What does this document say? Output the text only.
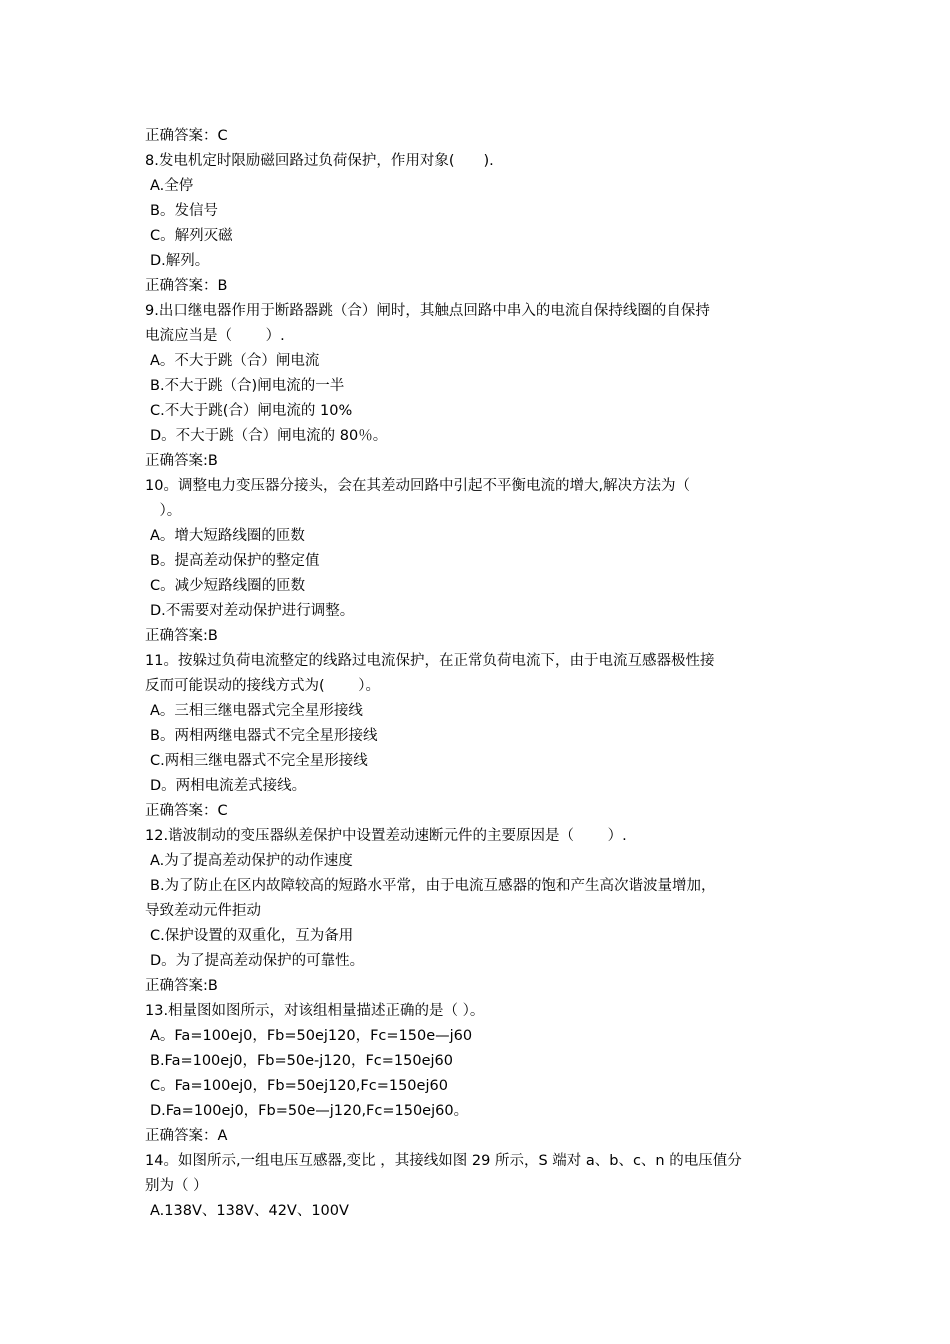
正确答案：C
8.发电机定时限励磁回路过负荷保护，作用对象(　　).
A.全停
B。发信号
C。解列灭磁
D.解列。
正确答案：B
9.出口继电器作用于断路器跳（合）闸时，其触点回路中串入的电流自保持线圈的自保持
电流应当是（　　 ）.
A。不大于跳（合）闸电流
B.不大于跳（合)闸电流的一半
C.不大于跳(合）闸电流的 10%
D。不大于跳（合）闸电流的 80％。
正确答案:B
10。调整电力变压器分接头，会在其差动回路中引起不平衡电流的增大,解决方法为（
　）。
A。增大短路线圈的匝数
B。提高差动保护的整定值
C。减少短路线圈的匝数
D.不需要对差动保护进行调整。
正确答案:B
11。按躲过负荷电流整定的线路过电流保护，在正常负荷电流下，由于电流互感器极性接
反而可能误动的接线方式为(　　 ）。
A。三相三继电器式完全星形接线
B。两相两继电器式不完全星形接线
C.两相三继电器式不完全星形接线
D。两相电流差式接线。
正确答案：C
12.谐波制动的变压器纵差保护中设置差动速断元件的主要原因是（　　 ）.
A.为了提高差动保护的动作速度
B.为了防止在区内故障较高的短路水平常，由于电流互感器的饱和产生高次谐波量增加，
导致差动元件拒动
C.保护设置的双重化，互为备用
D。为了提高差动保护的可靠性。
正确答案:B
13.相量图如图所示，对该组相量描述正确的是（ ）。
A。Fa=100ej0，Fb=50ej120，Fc=150e—j60
B.Fa=100ej0，Fb=50e-j120，Fc=150ej60
C。Fa=100ej0，Fb=50ej120,Fc=150ej60
D.Fa=100ej0，Fb=50e—j120,Fc=150ej60。
正确答案：A
14。如图所示,一组电压互感器,变比 ，其接线如图 29 所示，S 端对 a、b、c、n 的电压值分
别为（ ）
A.138V、138V、42V、100V
